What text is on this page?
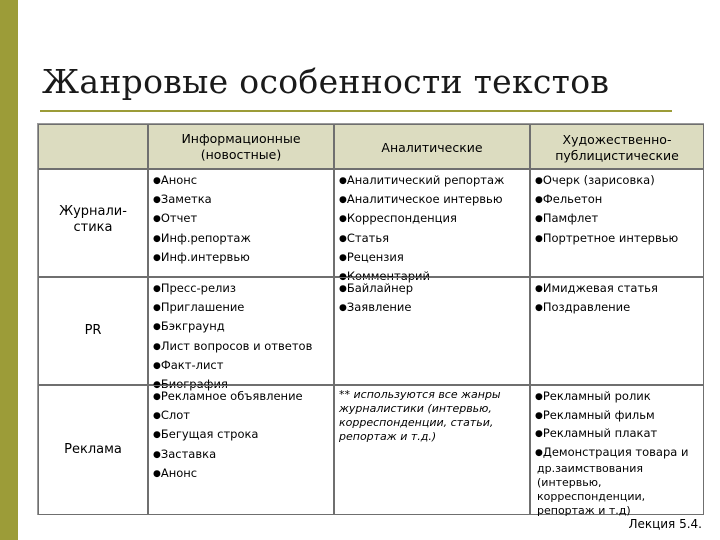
Жанровые особенности текстов
Информационные
(новостные)	Аналитические
Художественно-
публицистические
Журнали-
стика
●Анонс
●Заметка
●Отчет
●Инф.репортаж
●Инф.интервью
●Аналитический репортаж
●Аналитическое интервью
●Корреспонденция
●Статья
●Рецензия
●Комментарий
●Очерк (зарисовка)
●Фельетон
●Памфлет
●Портретное интервью
PR
●Пресс-релиз
●Приглашение
●Бэкграунд
●Лист вопросов и ответов
●Факт-лист
●Биография
●Байлайнер
●Заявление
●Имиджевая статья
●Поздравление
Реклама
●Рекламное объявление
●Слот
●Бегущая строка
●Заставка
●Анонс
** используются все жанры
журналистики (интервью,
корреспонденции, статьи,
репортаж и т.д.)
●Рекламный ролик
●Рекламный фильм
●Рекламный плакат
●Демонстрация товара и
др.заимствования
(интервью,
корреспонденции,
репортаж и т.д)
Лекция 5.4.
